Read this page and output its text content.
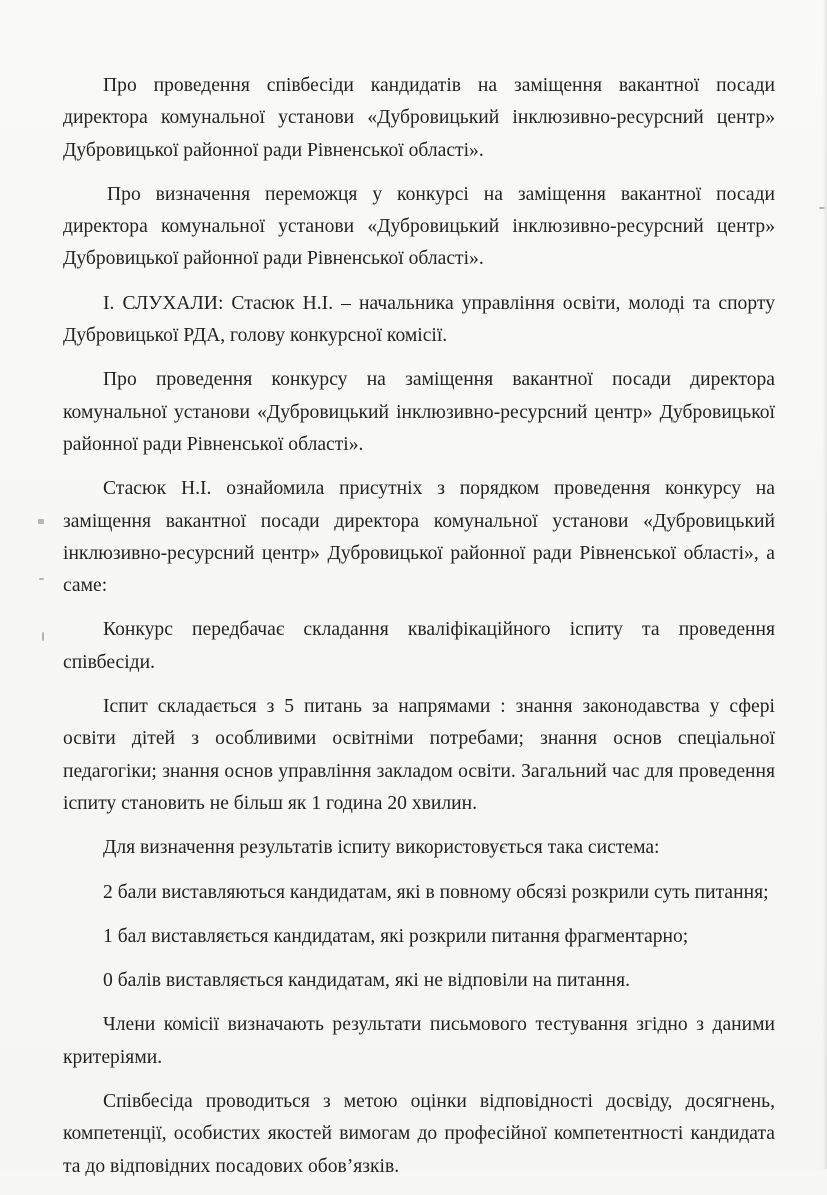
Про проведення співбесіди кандидатів на заміщення вакантної посади директора комунальної установи «Дубровицький інклюзивно-ресурсний центр» Дубровицької районної ради Рівненської області».

Про визначення переможця у конкурсі на заміщення вакантної посади директора комунальної установи «Дубровицький інклюзивно-ресурсний центр» Дубровицької районної ради Рівненської області».

І. СЛУХАЛИ: Стасюк Н.І. – начальника управління освіти, молоді та спорту Дубровицької РДА, голову конкурсної комісії.

Про проведення конкурсу на заміщення вакантної посади директора комунальної установи «Дубровицький інклюзивно-ресурсний центр» Дубровицької районної ради Рівненської області».

Стасюк Н.І. ознайомила присутніх з порядком проведення конкурсу на заміщення вакантної посади директора комунальної установи «Дубровицький інклюзивно-ресурсний центр» Дубровицької районної ради Рівненської області», а саме:

Конкурс передбачає складання кваліфікаційного іспиту та проведення співбесіди.

Іспит складається з 5 питань за напрямами : знання законодавства у сфері освіти дітей з особливими освітніми потребами; знання основ спеціальної педагогіки; знання основ управління закладом освіти. Загальний час для проведення іспиту становить не більш як 1 година 20 хвилин.

Для визначення результатів іспиту використовується така система:

2 бали виставляються кандидатам, які в повному обсязі розкрили суть питання;

1 бал виставляється кандидатам, які розкрили питання фрагментарно;

0 балів виставляється кандидатам, які не відповіли на питання.

Члени комісії визначають результати письмового тестування згідно з даними критеріями.

Співбесіда проводиться з метою оцінки відповідності досвіду, досягнень, компетенції, особистих якостей вимогам до професійної компетентності кандидата та до відповідних посадових обов’язків.
